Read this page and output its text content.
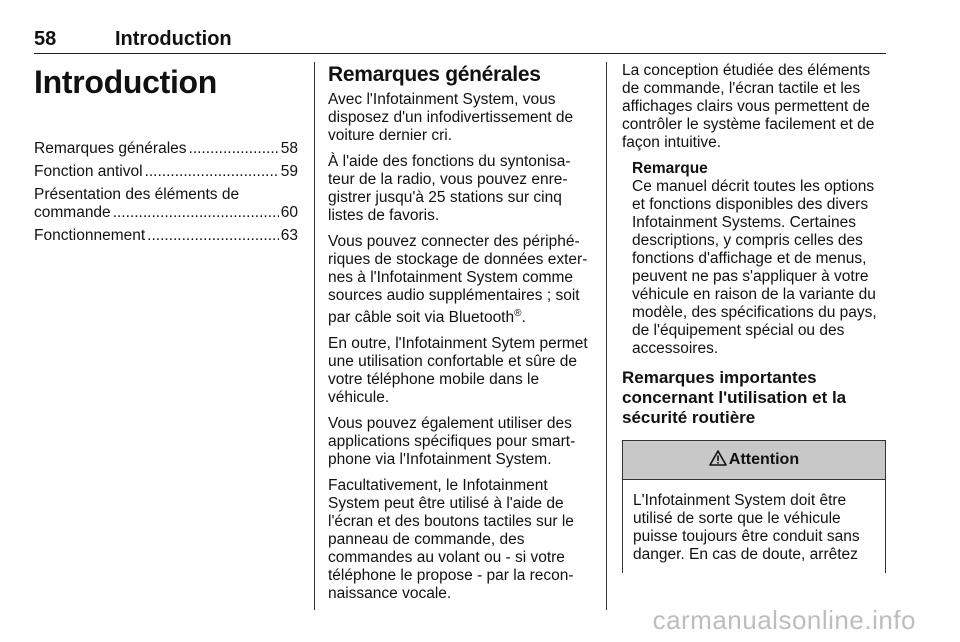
58	Introduction
Introduction
Remarques générales .....	58
Fonction antivol .....	59
Présentation des éléments de
commande .....	60
Fonctionnement .....	63
Remarques générales

Avec l'Infotainment System, vous disposez d'un infodivertissement de voiture dernier cri.

À l'aide des fonctions du syntonisa-teur de la radio, vous pouvez enre-gistrer jusqu'à 25 stations sur cinq listes de favoris.

Vous pouvez connecter des périphé-riques de stockage de données exter-nes à l'Infotainment System comme sources audio supplémentaires ; soit par câble soit via Bluetooth®.

En outre, l'Infotainment Sytem permet une utilisation confortable et sûre de votre téléphone mobile dans le véhicule.

Vous pouvez également utiliser des applications spécifiques pour smart-phone via l'Infotainment System.

Facultativement, le Infotainment System peut être utilisé à l'aide de l'écran et des boutons tactiles sur le panneau de commande, des commandes au volant ou - si votre téléphone le propose - par la recon-naissance vocale.

La conception étudiée des éléments de commande, l'écran tactile et les affichages clairs vous permettent de contrôler le système facilement et de façon intuitive.

Remarque
Ce manuel décrit toutes les options et fonctions disponibles des divers Infotainment Systems. Certaines descriptions, y compris celles des fonctions d'affichage et de menus, peuvent ne pas s'appliquer à votre véhicule en raison de la variante du modèle, des spécifications du pays, de l'équipement spécial ou des accessoires.
Remarques importantes concernant l'utilisation et la sécurité routière
Attention
L'Infotainment System doit être utilisé de sorte que le véhicule puisse toujours être conduit sans danger. En cas de doute, arrêtez
carmanualsonline.info
